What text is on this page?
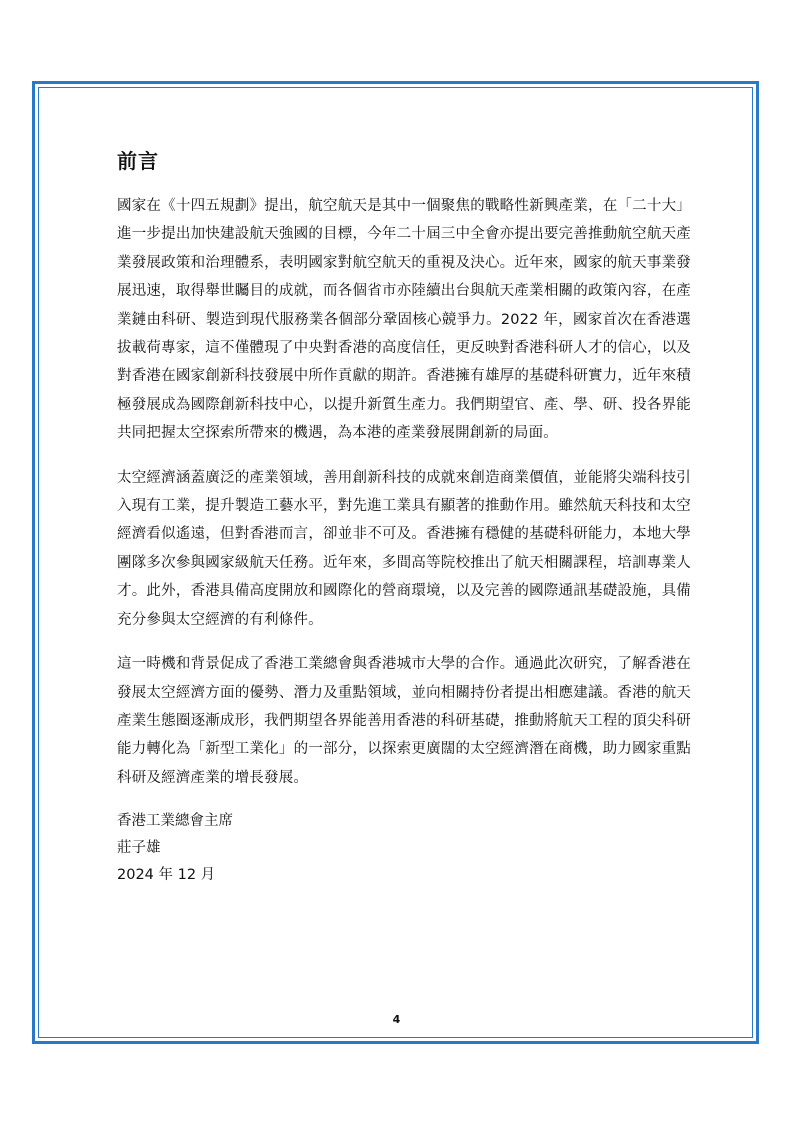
前言

國家在《十四五規劃》提出，航空航天是其中一個聚焦的戰略性新興產業，在「二十大」進一步提出加快建設航天強國的目標，今年二十屆三中全會亦提出要完善推動航空航天產業發展政策和治理體系，表明國家對航空航天的重視及決心。近年來，國家的航天事業發展迅速，取得舉世矚目的成就，而各個省市亦陸續出台與航天產業相關的政策內容，在產業鏈由科研、製造到現代服務業各個部分鞏固核心競爭力。2022 年，國家首次在香港選拔載荷專家，這不僅體現了中央對香港的高度信任，更反映對香港科研人才的信心，以及對香港在國家創新科技發展中所作貢獻的期許。香港擁有雄厚的基礎科研實力，近年來積極發展成為國際創新科技中心，以提升新質生產力。我們期望官、產、學、研、投各界能共同把握太空探索所帶來的機遇，為本港的產業發展開創新的局面。

太空經濟涵蓋廣泛的產業領域，善用創新科技的成就來創造商業價值，並能將尖端科技引入現有工業，提升製造工藝水平，對先進工業具有顯著的推動作用。雖然航天科技和太空經濟看似遙遠，但對香港而言，卻並非不可及。香港擁有穩健的基礎科研能力，本地大學團隊多次參與國家級航天任務。近年來，多間高等院校推出了航天相關課程，培訓專業人才。此外，香港具備高度開放和國際化的營商環境，以及完善的國際通訊基礎設施，具備充分參與太空經濟的有利條件。

這一時機和背景促成了香港工業總會與香港城市大學的合作。通過此次研究，了解香港在發展太空經濟方面的優勢、潛力及重點領域，並向相關持份者提出相應建議。香港的航天產業生態圈逐漸成形，我們期望各界能善用香港的科研基礎，推動將航天工程的頂尖科研能力轉化為「新型工業化」的一部分，以探索更廣闊的太空經濟潛在商機，助力國家重點科研及經濟產業的增長發展。

香港工業總會主席
莊子雄
2024 年 12 月
4
